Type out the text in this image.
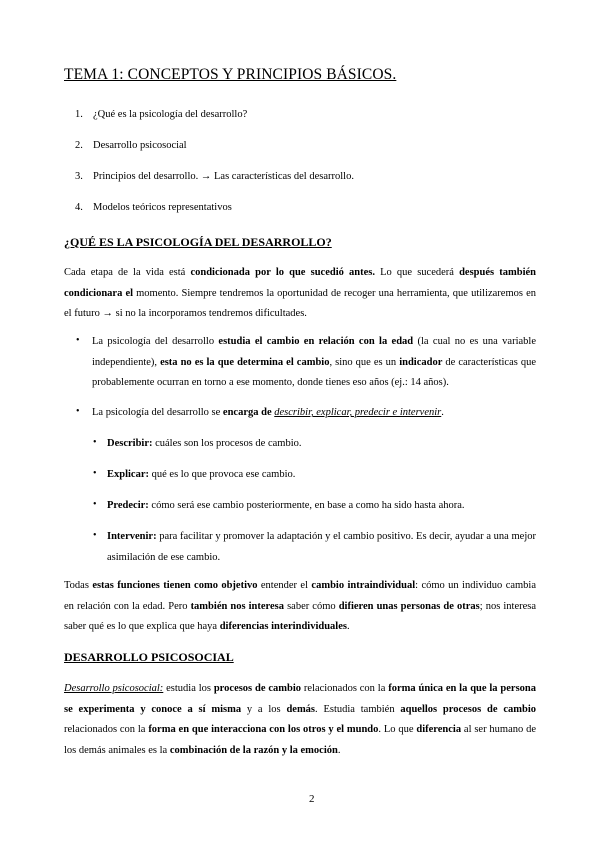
TEMA 1: CONCEPTOS Y PRINCIPIOS BÁSICOS.
1. ¿Qué es la psicología del desarrollo?
2. Desarrollo psicosocial
3. Principios del desarrollo. → Las características del desarrollo.
4. Modelos teóricos representativos
¿QUÉ ES LA PSICOLOGÍA DEL DESARROLLO?
Cada etapa de la vida está condicionada por lo que sucedió antes. Lo que sucederá después también condicionara el momento. Siempre tendremos la oportunidad de recoger una herramienta, que utilizaremos en el futuro → si no la incorporamos tendremos dificultades.
• La psicología del desarrollo estudia el cambio en relación con la edad (la cual no es una variable independiente), esta no es la que determina el cambio, sino que es un indicador de características que probablemente ocurran en torno a ese momento, donde tienes eso años (ej.: 14 años).
• La psicología del desarrollo se encarga de describir, explicar, predecir e intervenir.
• Describir: cuáles son los procesos de cambio.
• Explicar: qué es lo que provoca ese cambio.
• Predecir: cómo será ese cambio posteriormente, en base a como ha sido hasta ahora.
• Intervenir: para facilitar y promover la adaptación y el cambio positivo. Es decir, ayudar a una mejor asimilación de ese cambio.
Todas estas funciones tienen como objetivo entender el cambio intraindividual: cómo un individuo cambia en relación con la edad. Pero también nos interesa saber cómo difieren unas personas de otras; nos interesa saber qué es lo que explica que haya diferencias interindividuales.
DESARROLLO PSICOSOCIAL
Desarrollo psicosocial: estudia los procesos de cambio relacionados con la forma única en la que la persona se experimenta y conoce a sí misma y a los demás. Estudia también aquellos procesos de cambio relacionados con la forma en que interacciona con los otros y el mundo. Lo que diferencia al ser humano de los demás animales es la combinación de la razón y la emoción.
2
